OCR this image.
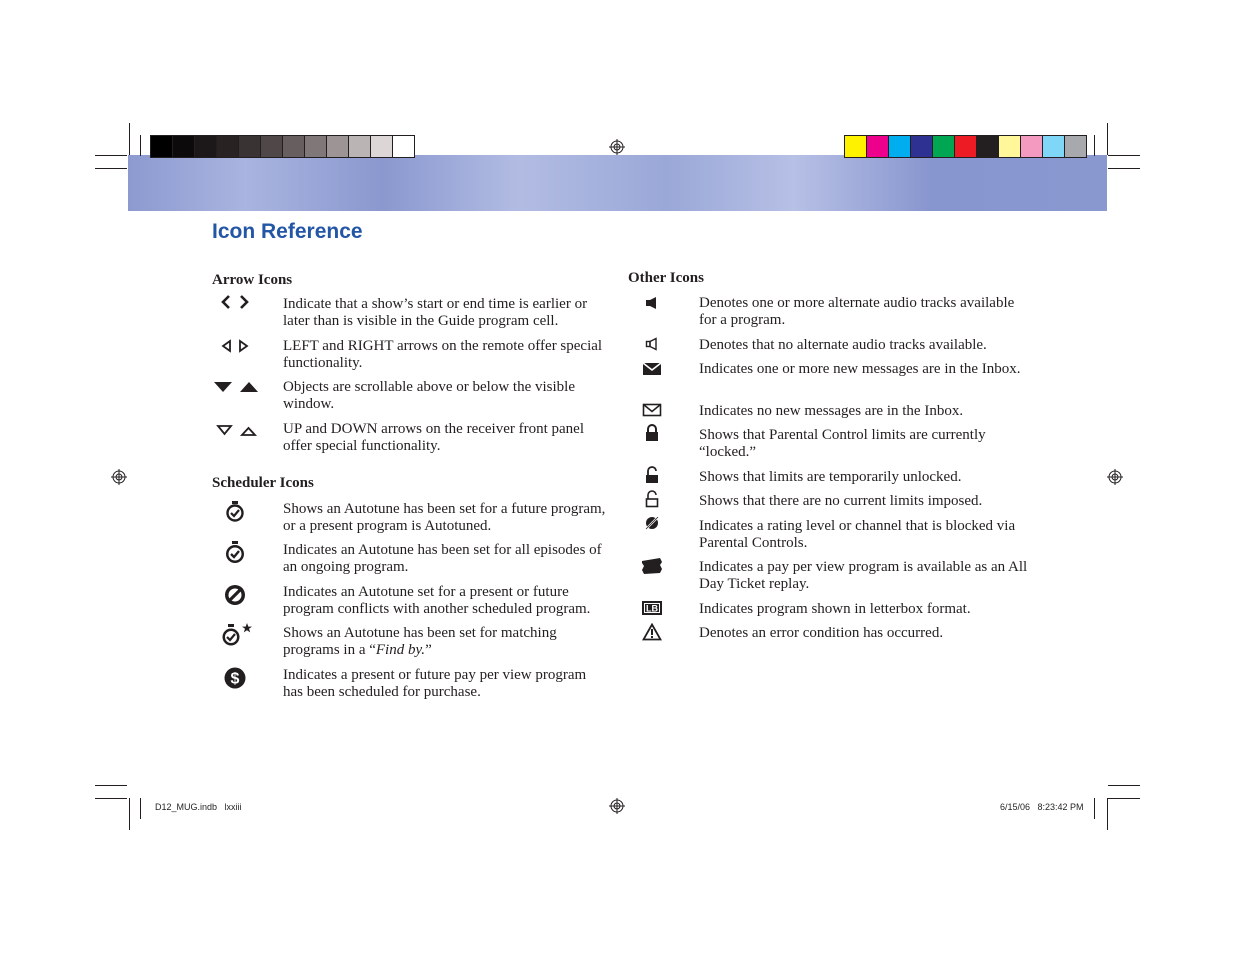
Icon Reference
Arrow Icons
Indicate that a show’s start or end time is earlier or later than is visible in the Guide program cell.
LEFT and RIGHT arrows on the remote offer special functionality.
Objects are scrollable above or below the visible window.
UP and DOWN arrows on the receiver front panel offer special functionality.
Scheduler Icons
Shows an Autotune has been set for a future program, or a present program is Autotuned.
Indicates an Autotune has been set for all episodes of an ongoing program.
Indicates an Autotune set for a present or future program conflicts with another scheduled program.
Shows an Autotune has been set for matching programs in a “Find by.”
$	Indicates a present or future pay per view program has been scheduled for purchase.
Other Icons
Denotes one or more alternate audio tracks available for a program.
Denotes that no alternate audio tracks available.
Indicates one or more new messages are in the Inbox.
Indicates no new messages are in the Inbox.
Shows that Parental Control limits are currently “locked.”
Shows that limits are temporarily unlocked.
Shows that there are no current limits imposed.
Indicates a rating level or channel that is blocked via Parental Controls.
Indicates a pay per view program is available as an All Day Ticket replay.
LB	Indicates program shown in letterbox format.
Denotes an error condition has occurred.
D12_MUG.indb   lxxiii	6/15/06   8:23:42 PM
